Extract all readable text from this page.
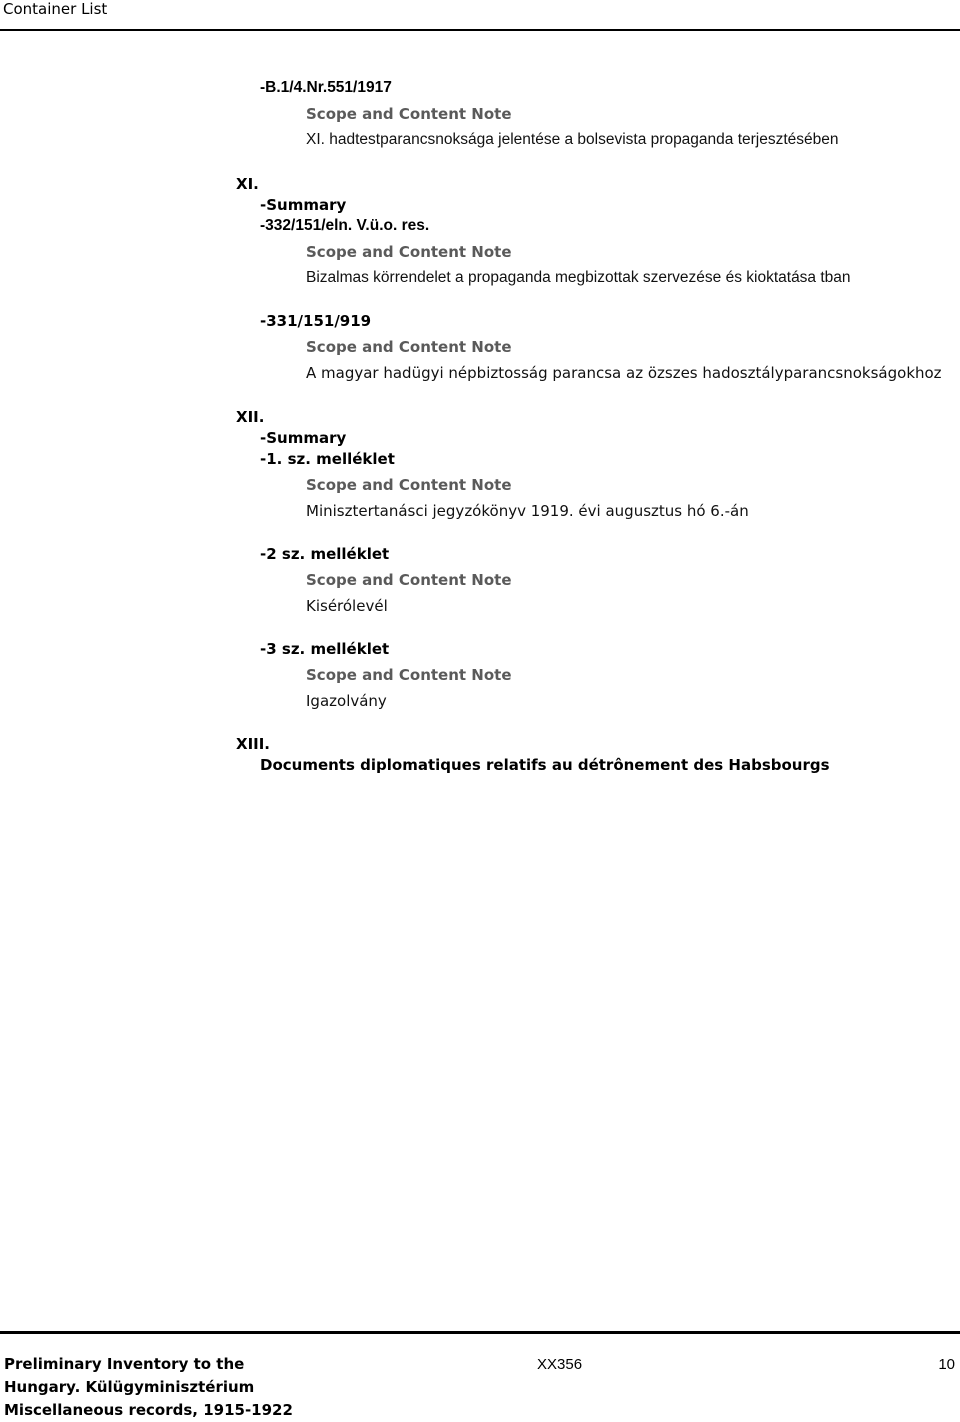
Container List
-B.1/4.Nr.551/1917
Scope and Content Note
XI. hadtestparancsnoksága jelentése a bolsevista propaganda terjesztésében
XI.
-Summary
-332/151/eln. V.ü.o. res.
Scope and Content Note
Bizalmas körrendelet a propaganda megbizottak szervezése és kioktatása tban
-331/151/919
Scope and Content Note
A magyar hadügyi népbiztosság parancsa az özszes hadosztályparancsnokságokhoz
XII.
-Summary
-1. sz. melléklet
Scope and Content Note
Minisztertanásci jegyzókönyv 1919. évi augusztus hó 6.-án
-2 sz. melléklet
Scope and Content Note
Kisérólevél
-3 sz. melléklet
Scope and Content Note
Igazolvány
XIII.
Documents diplomatiques relatifs au détrônement des Habsbourgs
Preliminary Inventory to the
Hungary. Külügyminisztérium
Miscellaneous records, 1915-1922
XX356	10
